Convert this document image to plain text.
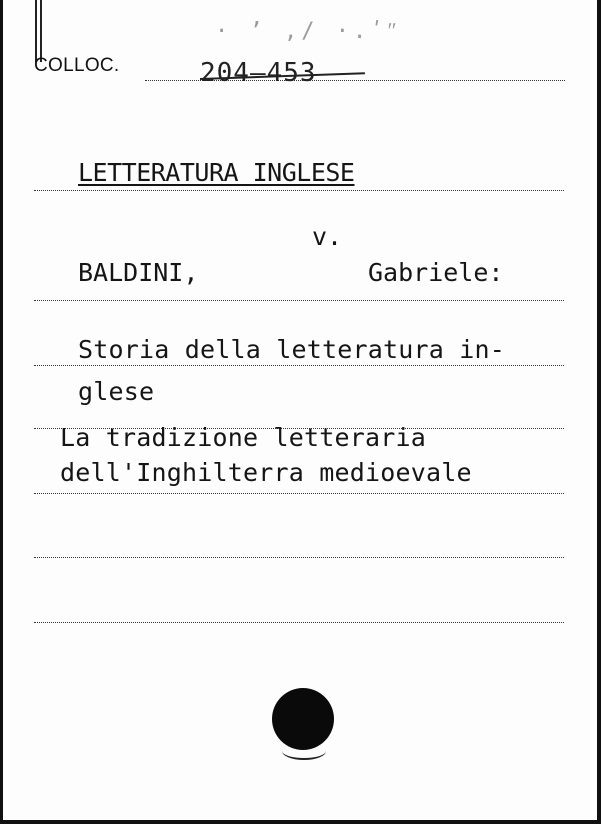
· ’ ,/ ·.ʹʺ
COLLOC.	204—453
LETTERATURA INGLESE
v.
BALDINI,	Gabriele:
Storia della letteratura in-
glese
La tradizione letteraria
dell'Inghilterra medioevale
